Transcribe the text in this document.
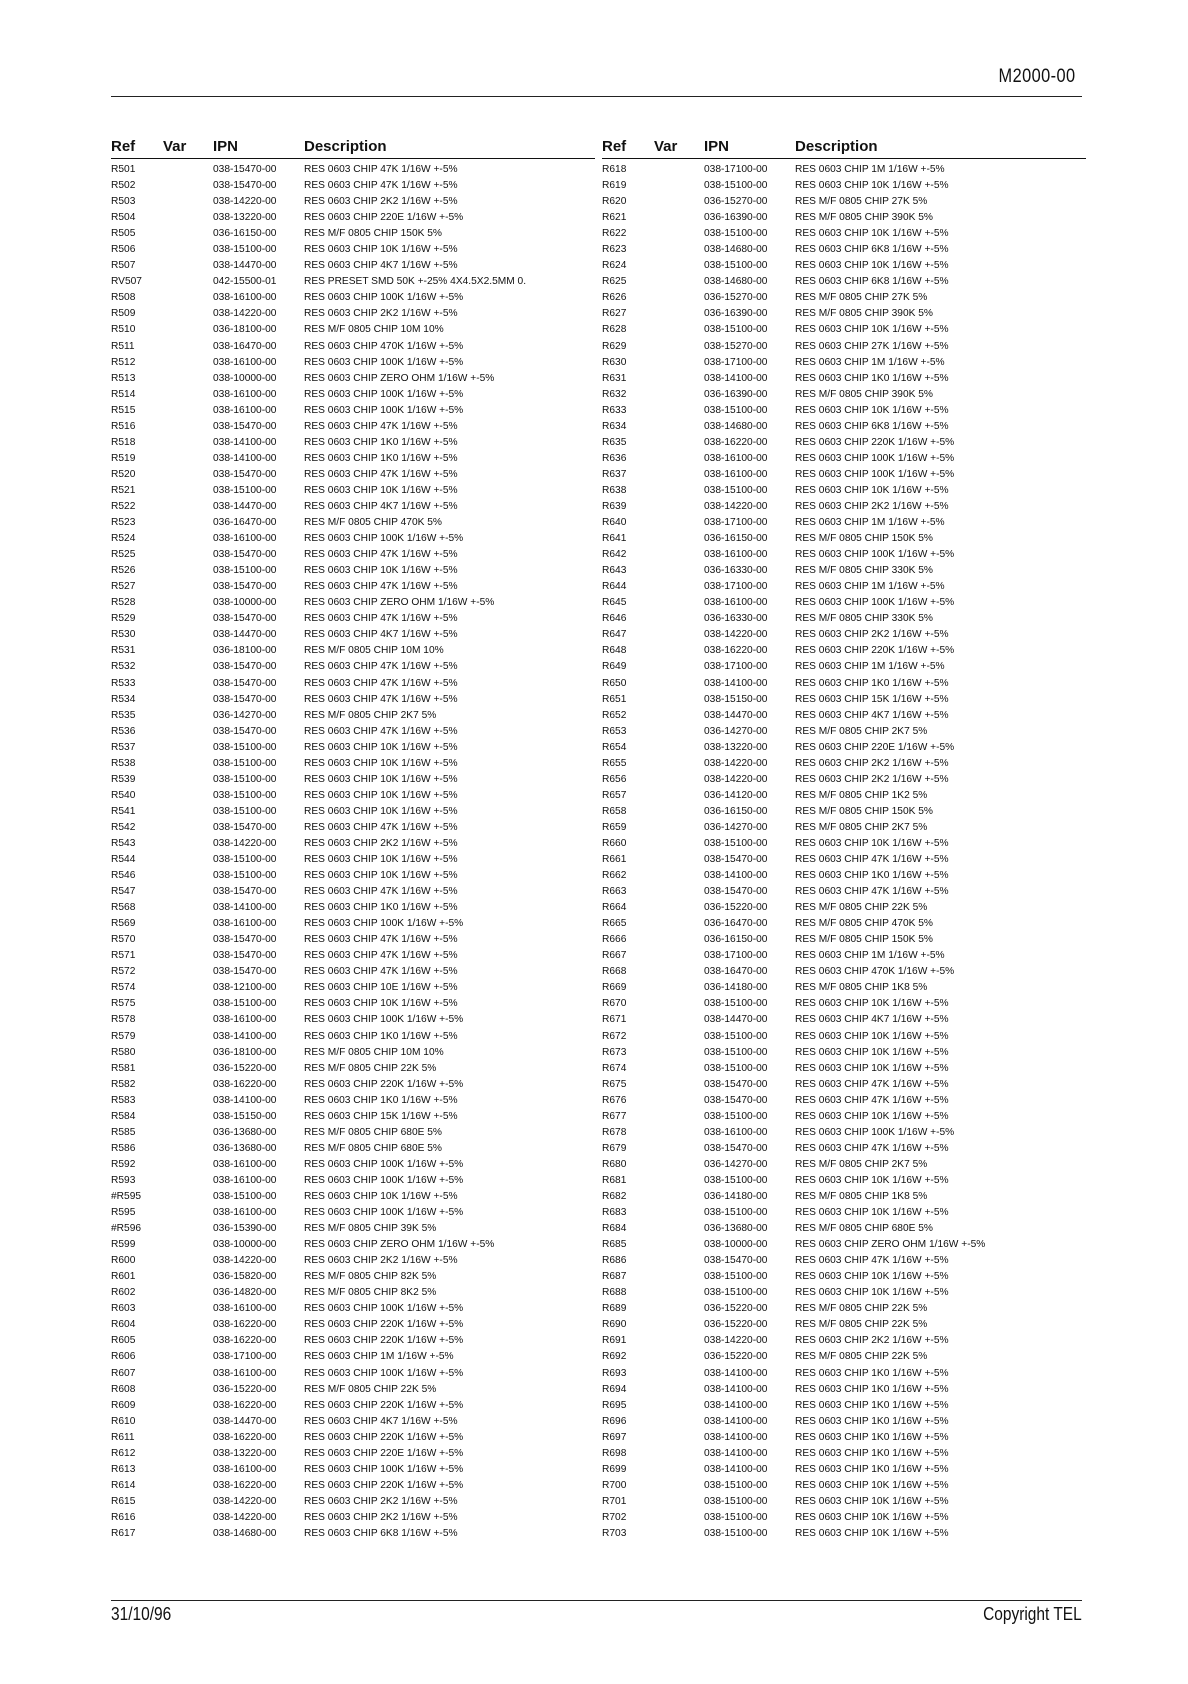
M2000-00
Ref Var IPN	Description
R501	038-15470-00	RES 0603 CHIP 47K 1/16W +-5%
R502	038-15470-00	RES 0603 CHIP 47K 1/16W +-5%
R503	038-14220-00	RES 0603 CHIP 2K2 1/16W +-5%
R504	038-13220-00	RES 0603 CHIP 220E 1/16W +-5%
R505	036-16150-00	RES M/F 0805 CHIP 150K 5%
R506	038-15100-00	RES 0603 CHIP 10K 1/16W +-5%
R507	038-14470-00	RES 0603 CHIP 4K7 1/16W +-5%
RV507	042-15500-01	RES PRESET SMD 50K +-25% 4X4.5X2.5MM 0.
R508	038-16100-00	RES 0603 CHIP 100K 1/16W +-5%
R509	038-14220-00	RES 0603 CHIP 2K2 1/16W +-5%
R510	036-18100-00	RES M/F 0805 CHIP 10M 10%
R511	038-16470-00	RES 0603 CHIP 470K 1/16W +-5%
R512	038-16100-00	RES 0603 CHIP 100K 1/16W +-5%
R513	038-10000-00	RES 0603 CHIP ZERO OHM 1/16W +-5%
R514	038-16100-00	RES 0603 CHIP 100K 1/16W +-5%
R515	038-16100-00	RES 0603 CHIP 100K 1/16W +-5%
R516	038-15470-00	RES 0603 CHIP 47K 1/16W +-5%
R518	038-14100-00	RES 0603 CHIP 1K0 1/16W +-5%
R519	038-14100-00	RES 0603 CHIP 1K0 1/16W +-5%
R520	038-15470-00	RES 0603 CHIP 47K 1/16W +-5%
R521	038-15100-00	RES 0603 CHIP 10K 1/16W +-5%
R522	038-14470-00	RES 0603 CHIP 4K7 1/16W +-5%
R523	036-16470-00	RES M/F 0805 CHIP 470K 5%
R524	038-16100-00	RES 0603 CHIP 100K 1/16W +-5%
R525	038-15470-00	RES 0603 CHIP 47K 1/16W +-5%
R526	038-15100-00	RES 0603 CHIP 10K 1/16W +-5%
R527	038-15470-00	RES 0603 CHIP 47K 1/16W +-5%
R528	038-10000-00	RES 0603 CHIP ZERO OHM 1/16W +-5%
R529	038-15470-00	RES 0603 CHIP 47K 1/16W +-5%
R530	038-14470-00	RES 0603 CHIP 4K7 1/16W +-5%
R531	036-18100-00	RES M/F 0805 CHIP 10M 10%
R532	038-15470-00	RES 0603 CHIP 47K 1/16W +-5%
R533	038-15470-00	RES 0603 CHIP 47K 1/16W +-5%
R534	038-15470-00	RES 0603 CHIP 47K 1/16W +-5%
R535	036-14270-00	RES M/F 0805 CHIP 2K7 5%
R536	038-15470-00	RES 0603 CHIP 47K 1/16W +-5%
R537	038-15100-00	RES 0603 CHIP 10K 1/16W +-5%
R538	038-15100-00	RES 0603 CHIP 10K 1/16W +-5%
R539	038-15100-00	RES 0603 CHIP 10K 1/16W +-5%
R540	038-15100-00	RES 0603 CHIP 10K 1/16W +-5%
R541	038-15100-00	RES 0603 CHIP 10K 1/16W +-5%
R542	038-15470-00	RES 0603 CHIP 47K 1/16W +-5%
R543	038-14220-00	RES 0603 CHIP 2K2 1/16W +-5%
R544	038-15100-00	RES 0603 CHIP 10K 1/16W +-5%
R546	038-15100-00	RES 0603 CHIP 10K 1/16W +-5%
R547	038-15470-00	RES 0603 CHIP 47K 1/16W +-5%
R568	038-14100-00	RES 0603 CHIP 1K0 1/16W +-5%
R569	038-16100-00	RES 0603 CHIP 100K 1/16W +-5%
R570	038-15470-00	RES 0603 CHIP 47K 1/16W +-5%
R571	038-15470-00	RES 0603 CHIP 47K 1/16W +-5%
R572	038-15470-00	RES 0603 CHIP 47K 1/16W +-5%
R574	038-12100-00	RES 0603 CHIP 10E 1/16W +-5%
R575	038-15100-00	RES 0603 CHIP 10K 1/16W +-5%
R578	038-16100-00	RES 0603 CHIP 100K 1/16W +-5%
R579	038-14100-00	RES 0603 CHIP 1K0 1/16W +-5%
R580	036-18100-00	RES M/F 0805 CHIP 10M 10%
R581	036-15220-00	RES M/F 0805 CHIP 22K 5%
R582	038-16220-00	RES 0603 CHIP 220K 1/16W +-5%
R583	038-14100-00	RES 0603 CHIP 1K0 1/16W +-5%
R584	038-15150-00	RES 0603 CHIP 15K 1/16W +-5%
R585	036-13680-00	RES M/F 0805 CHIP 680E 5%
R586	036-13680-00	RES M/F 0805 CHIP 680E 5%
R592	038-16100-00	RES 0603 CHIP 100K 1/16W +-5%
R593	038-16100-00	RES 0603 CHIP 100K 1/16W +-5%
#R595	038-15100-00	RES 0603 CHIP 10K 1/16W +-5%
R595	038-16100-00	RES 0603 CHIP 100K 1/16W +-5%
#R596	036-15390-00	RES M/F 0805 CHIP 39K 5%
R599	038-10000-00	RES 0603 CHIP ZERO OHM 1/16W +-5%
R600	038-14220-00	RES 0603 CHIP 2K2 1/16W +-5%
R601	036-15820-00	RES M/F 0805 CHIP 82K 5%
R602	036-14820-00	RES M/F 0805 CHIP 8K2 5%
R603	038-16100-00	RES 0603 CHIP 100K 1/16W +-5%
R604	038-16220-00	RES 0603 CHIP 220K 1/16W +-5%
R605	038-16220-00	RES 0603 CHIP 220K 1/16W +-5%
R606	038-17100-00	RES 0603 CHIP 1M 1/16W +-5%
R607	038-16100-00	RES 0603 CHIP 100K 1/16W +-5%
R608	036-15220-00	RES M/F 0805 CHIP 22K 5%
R609	038-16220-00	RES 0603 CHIP 220K 1/16W +-5%
R610	038-14470-00	RES 0603 CHIP 4K7 1/16W +-5%
R611	038-16220-00	RES 0603 CHIP 220K 1/16W +-5%
R612	038-13220-00	RES 0603 CHIP 220E 1/16W +-5%
R613	038-16100-00	RES 0603 CHIP 100K 1/16W +-5%
R614	038-16220-00	RES 0603 CHIP 220K 1/16W +-5%
R615	038-14220-00	RES 0603 CHIP 2K2 1/16W +-5%
R616	038-14220-00	RES 0603 CHIP 2K2 1/16W +-5%
R617	038-14680-00	RES 0603 CHIP 6K8 1/16W +-5%
Ref Var IPN	Description
R618	038-17100-00	RES 0603 CHIP 1M 1/16W +-5%
R619	038-15100-00	RES 0603 CHIP 10K 1/16W +-5%
R620	036-15270-00	RES M/F 0805 CHIP 27K 5%
R621	036-16390-00	RES M/F 0805 CHIP 390K 5%
R622	038-15100-00	RES 0603 CHIP 10K 1/16W +-5%
R623	038-14680-00	RES 0603 CHIP 6K8 1/16W +-5%
R624	038-15100-00	RES 0603 CHIP 10K 1/16W +-5%
R625	038-14680-00	RES 0603 CHIP 6K8 1/16W +-5%
R626	036-15270-00	RES M/F 0805 CHIP 27K 5%
R627	036-16390-00	RES M/F 0805 CHIP 390K 5%
R628	038-15100-00	RES 0603 CHIP 10K 1/16W +-5%
R629	038-15270-00	RES 0603 CHIP 27K 1/16W +-5%
R630	038-17100-00	RES 0603 CHIP 1M 1/16W +-5%
R631	038-14100-00	RES 0603 CHIP 1K0 1/16W +-5%
R632	036-16390-00	RES M/F 0805 CHIP 390K 5%
R633	038-15100-00	RES 0603 CHIP 10K 1/16W +-5%
R634	038-14680-00	RES 0603 CHIP 6K8 1/16W +-5%
R635	038-16220-00	RES 0603 CHIP 220K 1/16W +-5%
R636	038-16100-00	RES 0603 CHIP 100K 1/16W +-5%
R637	038-16100-00	RES 0603 CHIP 100K 1/16W +-5%
R638	038-15100-00	RES 0603 CHIP 10K 1/16W +-5%
R639	038-14220-00	RES 0603 CHIP 2K2 1/16W +-5%
R640	038-17100-00	RES 0603 CHIP 1M 1/16W +-5%
R641	036-16150-00	RES M/F 0805 CHIP 150K 5%
R642	038-16100-00	RES 0603 CHIP 100K 1/16W +-5%
R643	036-16330-00	RES M/F 0805 CHIP 330K 5%
R644	038-17100-00	RES 0603 CHIP 1M 1/16W +-5%
R645	038-16100-00	RES 0603 CHIP 100K 1/16W +-5%
R646	036-16330-00	RES M/F 0805 CHIP 330K 5%
R647	038-14220-00	RES 0603 CHIP 2K2 1/16W +-5%
R648	038-16220-00	RES 0603 CHIP 220K 1/16W +-5%
R649	038-17100-00	RES 0603 CHIP 1M 1/16W +-5%
R650	038-14100-00	RES 0603 CHIP 1K0 1/16W +-5%
R651	038-15150-00	RES 0603 CHIP 15K 1/16W +-5%
R652	038-14470-00	RES 0603 CHIP 4K7 1/16W +-5%
R653	036-14270-00	RES M/F 0805 CHIP 2K7 5%
R654	038-13220-00	RES 0603 CHIP 220E 1/16W +-5%
R655	038-14220-00	RES 0603 CHIP 2K2 1/16W +-5%
R656	038-14220-00	RES 0603 CHIP 2K2 1/16W +-5%
R657	036-14120-00	RES M/F 0805 CHIP 1K2 5%
R658	036-16150-00	RES M/F 0805 CHIP 150K 5%
R659	036-14270-00	RES M/F 0805 CHIP 2K7 5%
R660	038-15100-00	RES 0603 CHIP 10K 1/16W +-5%
R661	038-15470-00	RES 0603 CHIP 47K 1/16W +-5%
R662	038-14100-00	RES 0603 CHIP 1K0 1/16W +-5%
R663	038-15470-00	RES 0603 CHIP 47K 1/16W +-5%
R664	036-15220-00	RES M/F 0805 CHIP 22K 5%
R665	036-16470-00	RES M/F 0805 CHIP 470K 5%
R666	036-16150-00	RES M/F 0805 CHIP 150K 5%
R667	038-17100-00	RES 0603 CHIP 1M 1/16W +-5%
R668	038-16470-00	RES 0603 CHIP 470K 1/16W +-5%
R669	036-14180-00	RES M/F 0805 CHIP 1K8 5%
R670	038-15100-00	RES 0603 CHIP 10K 1/16W +-5%
R671	038-14470-00	RES 0603 CHIP 4K7 1/16W +-5%
R672	038-15100-00	RES 0603 CHIP 10K 1/16W +-5%
R673	038-15100-00	RES 0603 CHIP 10K 1/16W +-5%
R674	038-15100-00	RES 0603 CHIP 10K 1/16W +-5%
R675	038-15470-00	RES 0603 CHIP 47K 1/16W +-5%
R676	038-15470-00	RES 0603 CHIP 47K 1/16W +-5%
R677	038-15100-00	RES 0603 CHIP 10K 1/16W +-5%
R678	038-16100-00	RES 0603 CHIP 100K 1/16W +-5%
R679	038-15470-00	RES 0603 CHIP 47K 1/16W +-5%
R680	036-14270-00	RES M/F 0805 CHIP 2K7 5%
R681	038-15100-00	RES 0603 CHIP 10K 1/16W +-5%
R682	036-14180-00	RES M/F 0805 CHIP 1K8 5%
R683	038-15100-00	RES 0603 CHIP 10K 1/16W +-5%
R684	036-13680-00	RES M/F 0805 CHIP 680E 5%
R685	038-10000-00	RES 0603 CHIP ZERO OHM 1/16W +-5%
R686	038-15470-00	RES 0603 CHIP 47K 1/16W +-5%
R687	038-15100-00	RES 0603 CHIP 10K 1/16W +-5%
R688	038-15100-00	RES 0603 CHIP 10K 1/16W +-5%
R689	036-15220-00	RES M/F 0805 CHIP 22K 5%
R690	036-15220-00	RES M/F 0805 CHIP 22K 5%
R691	038-14220-00	RES 0603 CHIP 2K2 1/16W +-5%
R692	036-15220-00	RES M/F 0805 CHIP 22K 5%
R693	038-14100-00	RES 0603 CHIP 1K0 1/16W +-5%
R694	038-14100-00	RES 0603 CHIP 1K0 1/16W +-5%
R695	038-14100-00	RES 0603 CHIP 1K0 1/16W +-5%
R696	038-14100-00	RES 0603 CHIP 1K0 1/16W +-5%
R697	038-14100-00	RES 0603 CHIP 1K0 1/16W +-5%
R698	038-14100-00	RES 0603 CHIP 1K0 1/16W +-5%
R699	038-14100-00	RES 0603 CHIP 1K0 1/16W +-5%
R700	038-15100-00	RES 0603 CHIP 10K 1/16W +-5%
R701	038-15100-00	RES 0603 CHIP 10K 1/16W +-5%
R702	038-15100-00	RES 0603 CHIP 10K 1/16W +-5%
R703	038-15100-00	RES 0603 CHIP 10K 1/16W +-5%
31/10/96	Copyright TEL
